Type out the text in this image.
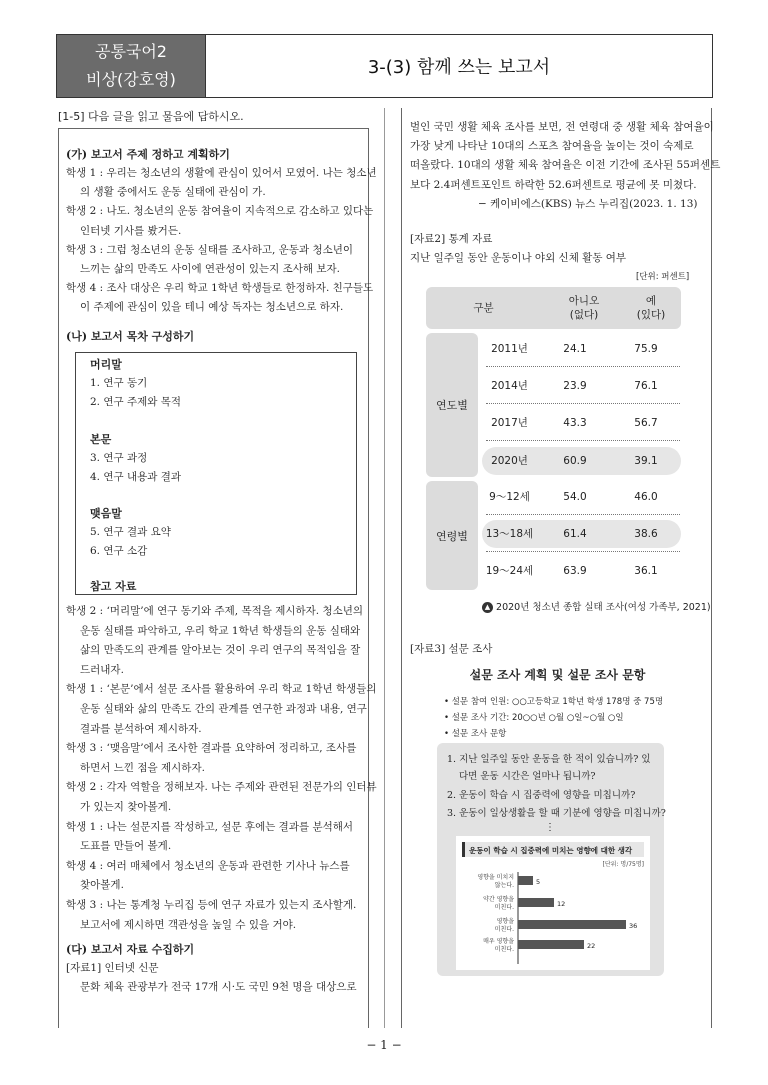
공통국어2
비상(강호영)
3-(3) 함께 쓰는 보고서
[1-5] 다음 글을 읽고 물음에 답하시오.
(가) 보고서 주제 정하고 계획하기
학생 1 : 우리는 청소년의 생활에 관심이 있어서 모였어. 나는 청소년
의 생활 중에서도 운동 실태에 관심이 가.
학생 2 : 나도. 청소년의 운동 참여율이 지속적으로 감소하고 있다는
인터넷 기사를 봤거든.
학생 3 : 그럼 청소년의 운동 실태를 조사하고, 운동과 청소년이
느끼는 삶의 만족도 사이에 연관성이 있는지 조사해 보자.
학생 4 : 조사 대상은 우리 학교 1학년 학생들로 한정하자. 친구들도
이 주제에 관심이 있을 테니 예상 독자는 청소년으로 하자.
(나) 보고서 목차 구성하기
머리말
1. 연구 동기
2. 연구 주제와 목적
본문
3. 연구 과정
4. 연구 내용과 결과
맺음말
5. 연구 결과 요약
6. 연구 소감
참고 자료
학생 2 : ‘머리말’에 연구 동기와 주제, 목적을 제시하자. 청소년의
운동 실태를 파악하고, 우리 학교 1학년 학생들의 운동 실태와
삶의 만족도의 관계를 알아보는 것이 우리 연구의 목적임을 잘
드러내자.
학생 1 : ‘본문’에서 설문 조사를 활용하여 우리 학교 1학년 학생들의
운동 실태와 삶의 만족도 간의 관계를 연구한 과정과 내용, 연구
결과를 분석하여 제시하자.
학생 3 : ‘맺음말’에서 조사한 결과를 요약하여 정리하고, 조사를
하면서 느낀 점을 제시하자.
학생 2 : 각자 역할을 정해보자. 나는 주제와 관련된 전문가의 인터뷰
가 있는지 찾아볼게.
학생 1 : 나는 설문지를 작성하고, 설문 후에는 결과를 분석해서
도표를 만들어 볼게.
학생 4 : 여러 매체에서 청소년의 운동과 관련한 기사나 뉴스를
찾아볼게.
학생 3 : 나는 통계청 누리집 등에 연구 자료가 있는지 조사할게.
보고서에 제시하면 객관성을 높일 수 있을 거야.
(다) 보고서 자료 수집하기
[자료1] 인터넷 신문
문화 체육 관광부가 전국 17개 시·도 국민 9천 명을 대상으로
벌인 국민 생활 체육 조사를 보면, 전 연령대 중 생활 체육 참여율이
가장 낮게 나타난 10대의 스포츠 참여율을 높이는 것이 숙제로
떠올랐다. 10대의 생활 체육 참여율은 이전 기간에 조사된 55퍼센트
보다 2.4퍼센트포인트 하락한 52.6퍼센트로 평균에 못 미쳤다.
− 케이비에스(KBS) 뉴스 누리집(2023. 1. 13)
[자료2] 통계 자료
지난 일주일 동안 운동이나 야외 신체 활동 여부
[단위: 퍼센트]
구분
아니오
(없다)
예
(있다)
연도별
연령별
2011년	24.1	75.9
2014년	23.9	76.1
2017년	43.3	56.7
2020년	60.9	39.1
9～12세	54.0	46.0
13～18세	61.4	38.6
19～24세	63.9	36.1
▲ 2020년 청소년 종합 실태 조사(여성 가족부, 2021)
[자료3] 설문 조사
설문 조사 계획 및 설문 조사 문항
• 설문 참여 인원: ○○고등학교 1학년 학생 178명 중 75명
• 설문 조사 기간: 20○○년 ○월 ○일~○월 ○일
• 설문 조사 문항
1. 지난 일주일 동안 운동을 한 적이 있습니까? 있
다면 운동 시간은 얼마나 됩니까?
2. 운동이 학습 시 집중력에 영향을 미칩니까?
3. 운동이 일상생활을 할 때 기분에 영향을 미칩니까?
⋮
운동이 학습 시 집중력에 미치는 영향에 대한 생각
[단위: 명/75명]
영향을 미치지
않는다.	5
약간 영향을
미친다.	12
영향을
미친다.	36
매우 영향을
미친다.	22
− 1 −
